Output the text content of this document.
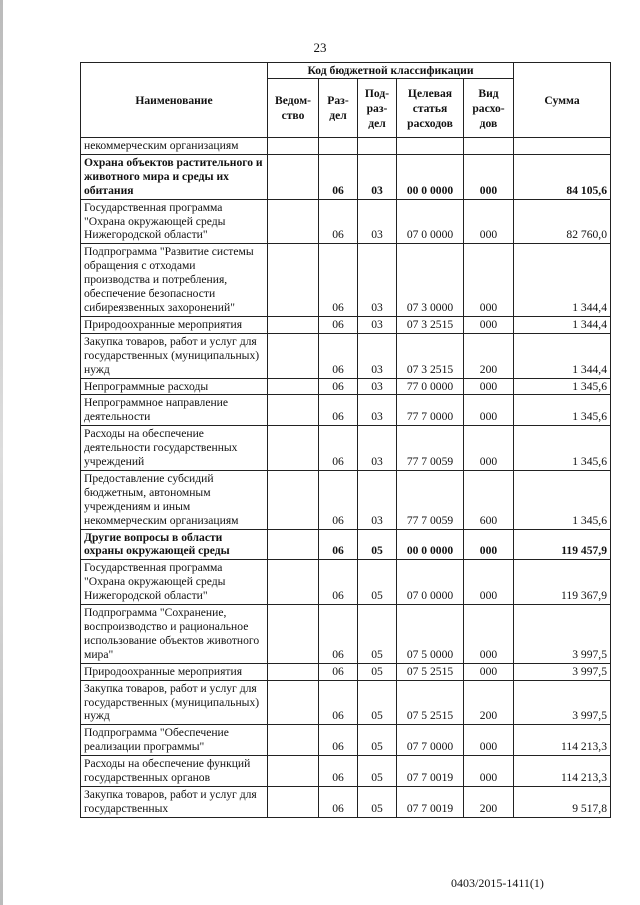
23
Наименование	Код бюджетной классификации					Сумма
	Ведом-ство	Раз-дел	Под-раз-дел	Целевая статья расходов	Вид расхо-дов	
некоммерческим организациям						
Охрана объектов растительного и животного мира и среды их обитания		06	03	00 0 0000	000	84 105,6
Государственная программа "Охрана окружающей среды Нижегородской области"		06	03	07 0 0000	000	82 760,0
Подпрограмма "Развитие системы обращения с отходами производства и потребления, обеспечение безопасности сибиреязвенных захоронений"		06	03	07 3 0000	000	1 344,4
Природоохранные мероприятия		06	03	07 3 2515	000	1 344,4
Закупка товаров, работ и услуг для государственных (муниципальных) нужд		06	03	07 3 2515	200	1 344,4
Непрограммные расходы		06	03	77 0 0000	000	1 345,6
Непрограммное направление деятельности		06	03	77 7 0000	000	1 345,6
Расходы на обеспечение деятельности государственных учреждений		06	03	77 7 0059	000	1 345,6
Предоставление субсидий бюджетным, автономным учреждениям и иным некоммерческим организациям		06	03	77 7 0059	600	1 345,6
Другие вопросы в области охраны окружающей среды		06	05	00 0 0000	000	119 457,9
Государственная программа "Охрана окружающей среды Нижегородской области"		06	05	07 0 0000	000	119 367,9
Подпрограмма "Сохранение, воспроизводство и рациональное использование объектов животного мира"		06	05	07 5 0000	000	3 997,5
Природоохранные мероприятия		06	05	07 5 2515	000	3 997,5
Закупка товаров, работ и услуг для государственных (муниципальных) нужд		06	05	07 5 2515	200	3 997,5
Подпрограмма "Обеспечение реализации программы"		06	05	07 7 0000	000	114 213,3
Расходы на обеспечение функций государственных органов		06	05	07 7 0019	000	114 213,3
Закупка товаров, работ и услуг для государственных		06	05	07 7 0019	200	9 517,8
0403/2015-1411(1)
